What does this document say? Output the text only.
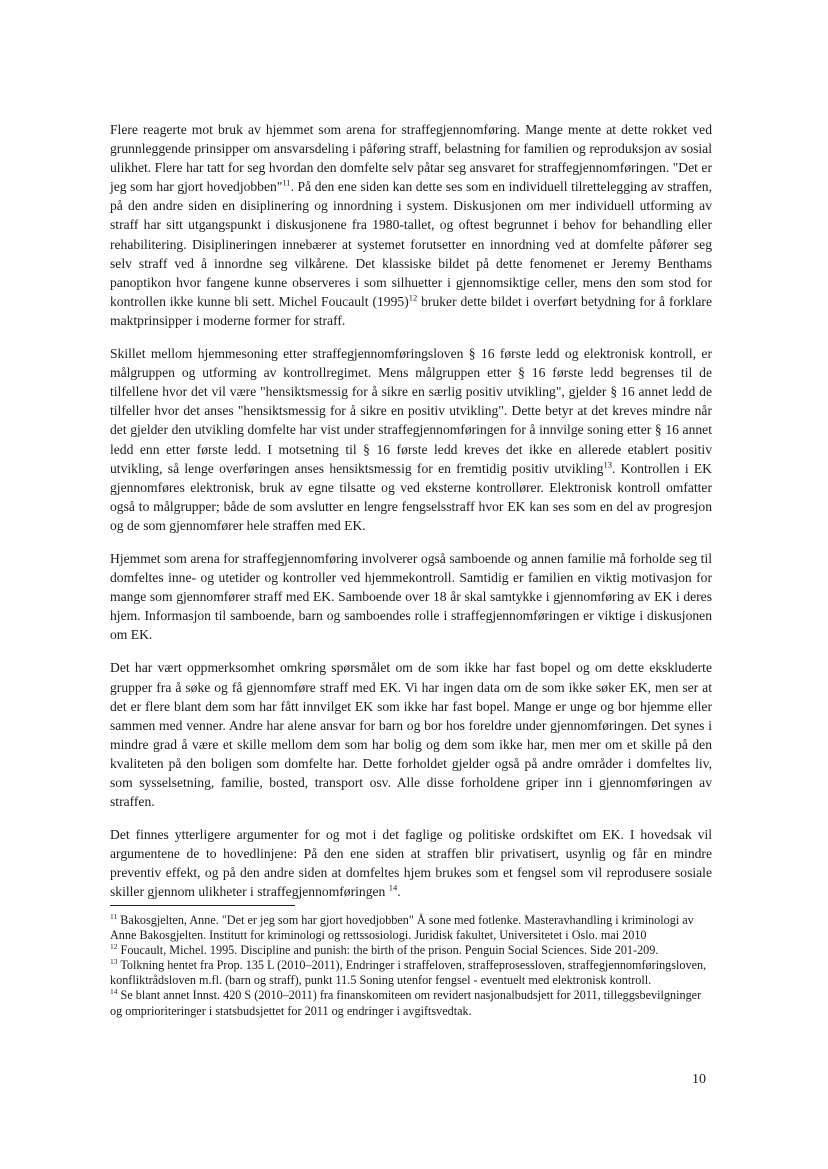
Flere reagerte mot bruk av hjemmet som arena for straffegjennomføring. Mange mente at dette rokket ved grunnleggende prinsipper om ansvarsdeling i påføring straff, belastning for familien og reproduksjon av sosial ulikhet. Flere har tatt for seg hvordan den domfelte selv påtar seg ansvaret for straffegjennomføringen. "Det er jeg som har gjort hovedjobben"$^{11}$. På den ene siden kan dette ses som en individuell tilrettelegging av straffen, på den andre siden en disiplinering og innordning i system. Diskusjonen om mer individuell utforming av straff har sitt utgangspunkt i diskusjonene fra 1980-tallet, og oftest begrunnet i behov for behandling eller rehabilitering. Disiplineringen innebærer at systemet forutsetter en innordning ved at domfelte påfører seg selv straff ved å innordne seg vilkårene. Det klassiske bildet på dette fenomenet er Jeremy Benthams panoptikon hvor fangene kunne observeres i som silhuetter i gjennomsiktige celler, mens den som stod for kontrollen ikke kunne bli sett. Michel Foucault $(1995)^{12}$ bruker dette bildet i overført betydning for å forklare maktprinsipper i moderne former for straff.

Skillet mellom hjemmesoning etter straffegjennomføringsloven § 16 første ledd og elektronisk kontroll, er målgruppen og utforming av kontrollregimet. Mens målgruppen etter § 16 første ledd begrenses til de tilfellene hvor det vil være "hensiktsmessig for å sikre en særlig positiv utvikling", gjelder § 16 annet ledd de tilfeller hvor det anses "hensiktsmessig for å sikre en positiv utvikling". Dette betyr at det kreves mindre når det gjelder den utvikling domfelte har vist under straffegjennomføringen for å innvilge soning etter § 16 annet ledd enn etter første ledd. I motsetning til § 16 første ledd kreves det ikke en allerede etablert positiv utvikling, så lenge overføringen anses hensiktsmessig for en fremtidig positiv utvikling$^{13}$. Kontrollen i EK gjennomføres elektronisk, bruk av egne tilsatte og ved eksterne kontrollører. Elektronisk kontroll omfatter også to målgrupper; både de som avslutter en lengre fengselsstraff hvor EK kan ses som en del av progresjon og de som gjennomfører hele straffen med EK.

Hjemmet som arena for straffegjennomføring involverer også samboende og annen familie må forholde seg til domfeltes inne- og utetider og kontroller ved hjemmekontroll. Samtidig er familien en viktig motivasjon for mange som gjennomfører straff med EK. Samboende over 18 år skal samtykke i gjennomføring av EK i deres hjem. Informasjon til samboende, barn og samboendes rolle i straffegjennomføringen er viktige i diskusjonen om EK.

Det har vært oppmerksomhet omkring spørsmålet om de som ikke har fast bopel og om dette ekskluderte grupper fra å søke og få gjennomføre straff med EK. Vi har ingen data om de som ikke søker EK, men ser at det er flere blant dem som har fått innvilget EK som ikke har fast bopel. Mange er unge og bor hjemme eller sammen med venner. Andre har alene ansvar for barn og bor hos foreldre under gjennomføringen. Det synes i mindre grad å være et skille mellom dem som har bolig og dem som ikke har, men mer om et skille på den kvaliteten på den boligen som domfelte har. Dette forholdet gjelder også på andre områder i domfeltes liv, som sysselsetning, familie, bosted, transport osv. Alle disse forholdene griper inn i gjennomføringen av straffen.

Det finnes ytterligere argumenter for og mot i det faglige og politiske ordskiftet om EK. I hovedsak vil argumentene de to hovedlinjene: På den ene siden at straffen blir privatisert, usynlig og får en mindre preventiv effekt, og på den andre siden at domfeltes hjem brukes som et fengsel som vil reprodusere sosiale skiller gjennom ulikheter i straffegjennomføringen $^{14}$.

$^{11}$ Bakosgjelten, Anne. "Det er jeg som har gjort hovedjobben" Å sone med fotlenke. Masteravhandling i kriminologi av Anne Bakosgjelten. Institutt for kriminologi og rettssosiologi. Juridisk fakultet, Universitetet i Oslo. mai 2010

$^{12}$ Foucault, Michel. 1995. Discipline and punish: the birth of the prison. Penguin Social Sciences. Side 201-209.

$^{13}$ Tolkning hentet fra Prop. 135 L (2010–2011), Endringer i straffeloven, straffeprosessloven, straffegjennomføringsloven, konfliktrådsloven m.fl. (barn og straff), punkt 11.5 Soning utenfor fengsel - eventuelt med elektronisk kontroll.

$^{14}$ Se blant annet Innst. 420 S (2010–2011) fra finanskomiteen om revidert nasjonalbudsjett for 2011, tilleggsbevilgninger og omprioriteringer i statsbudsjettet for 2011 og endringer i avgiftsvedtak.

10
